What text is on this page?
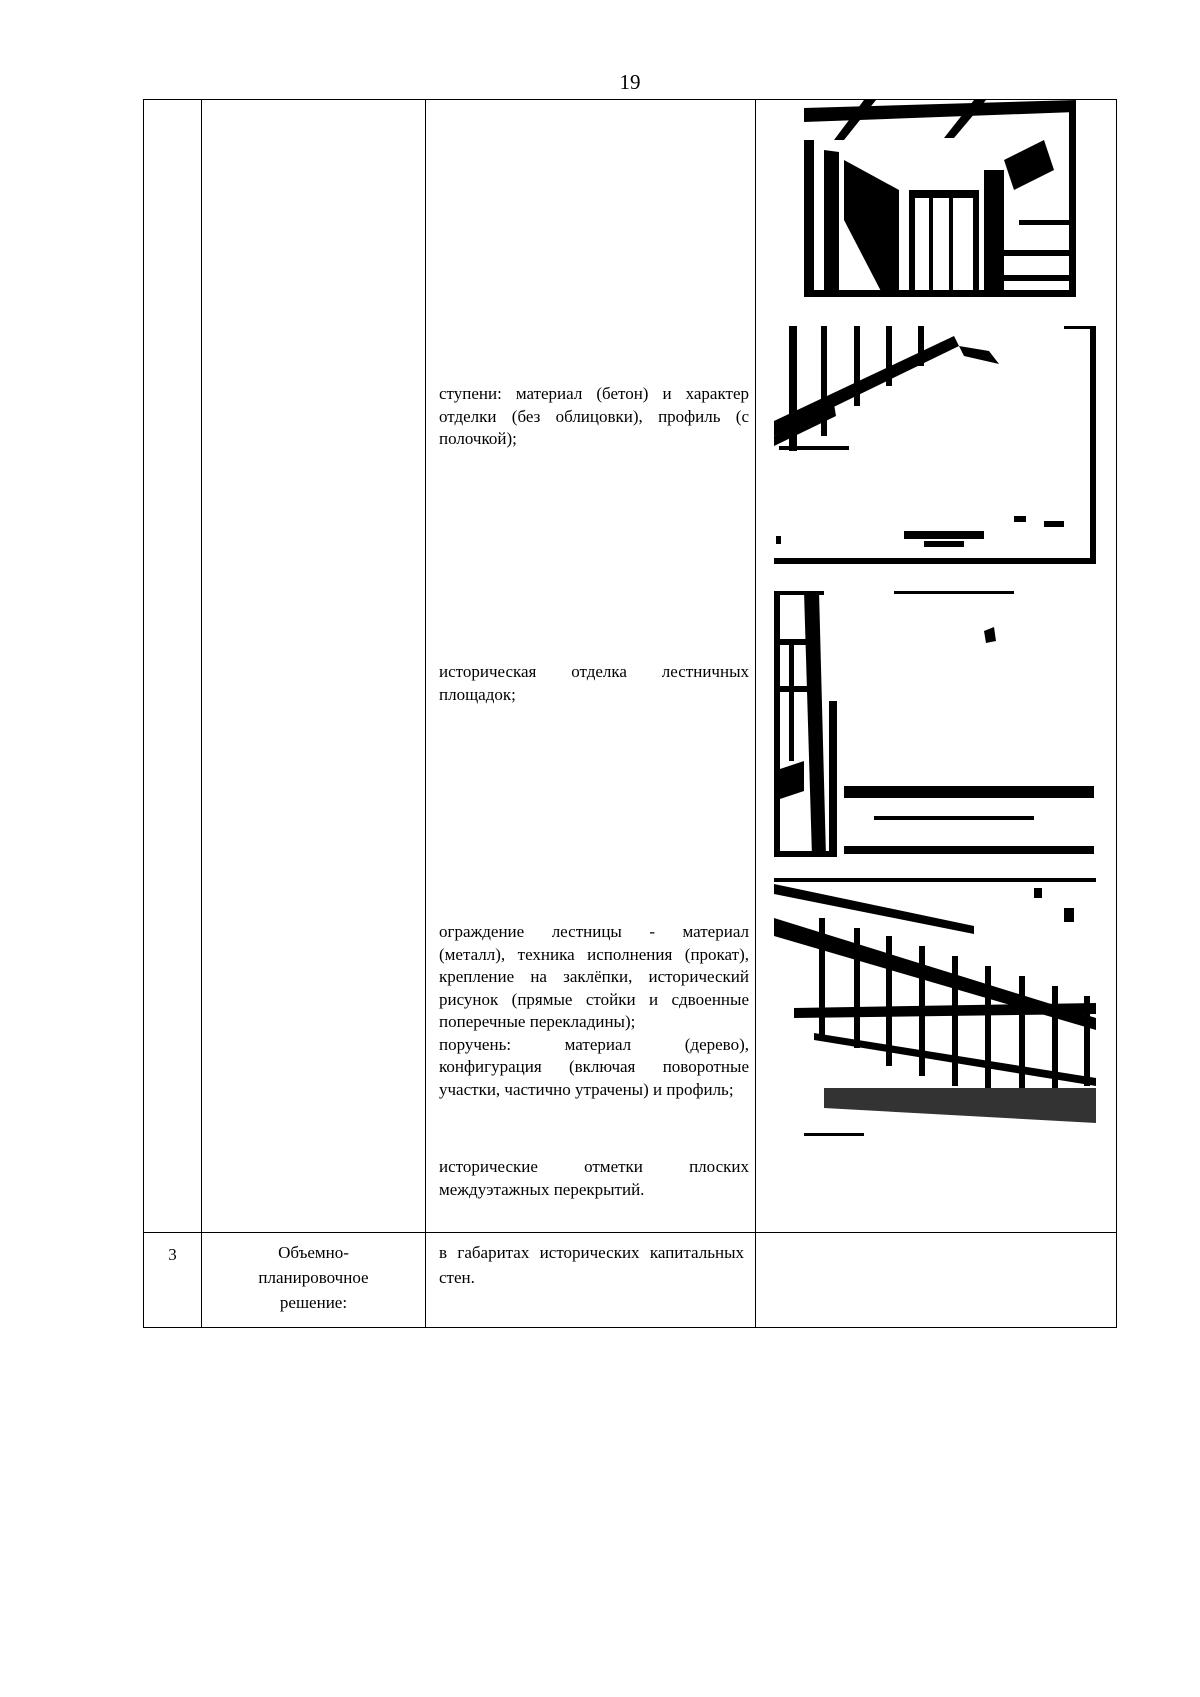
19

		ступени: материал (бетон) и характер отделки (без облицовки), профиль (с полочкой);

историческая отделка лестничных площадок;

ограждение лестницы - материал (металл), техника исполнения (прокат), крепление на заклёпки, исторический рисунок (прямые стойки и сдвоенные поперечные перекладины);

поручень: материал (дерево), конфигурация (включая поворотные участки, частично утрачены) и профиль;

исторические отметки плоских междуэтажных перекрытий.

3	Объемно-
планировочное
решение:	в габаритах исторических капитальных стен.	
